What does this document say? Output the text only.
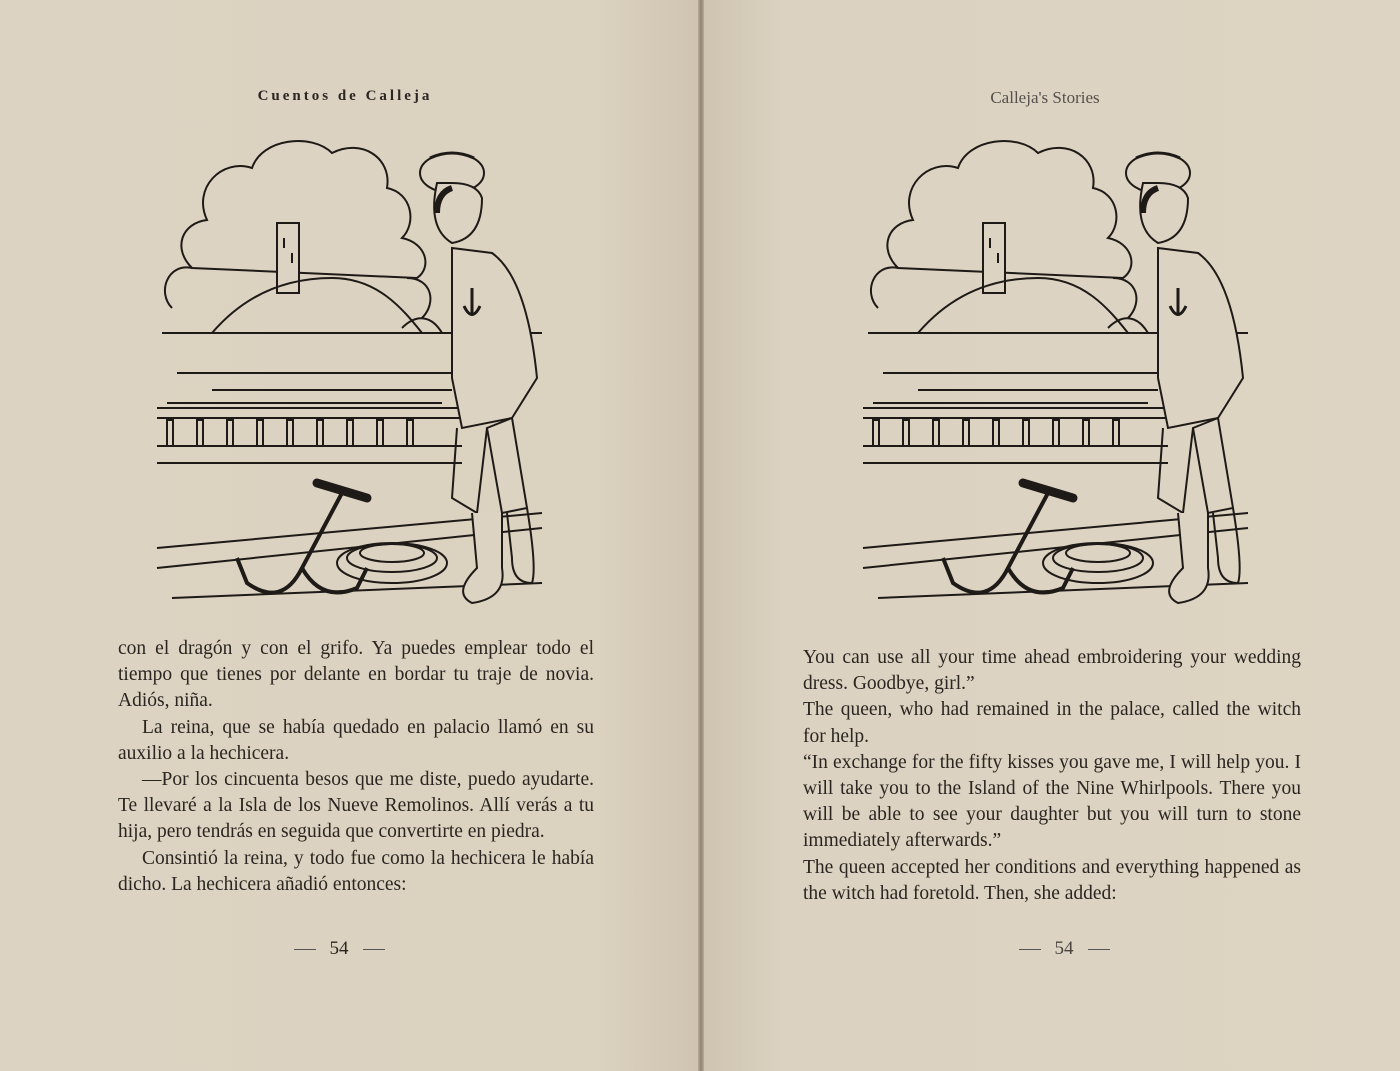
Cuentos de Calleja

con el dragón y con el grifo. Ya puedes emplear todo el tiempo que tienes por delante en bordar tu traje de novia. Adiós, niña.

La reina, que se había quedado en palacio llamó en su auxilio a la hechicera.

—Por los cincuenta besos que me diste, puedo ayudarte. Te llevaré a la Isla de los Nueve Remolinos. Allí verás a tu hija, pero tendrás en seguida que convertirte en piedra.

Consintió la reina, y todo fue como la hechicera le había dicho. La hechicera añadió entonces:

54
Calleja's Stories

You can use all your time ahead embroidering your wedding dress. Goodbye, girl.”

The queen, who had remained in the palace, called the witch for help.

“In exchange for the fifty kisses you gave me, I will help you. I will take you to the Island of the Nine Whirlpools. There you will be able to see your daughter but you will turn to stone immediately afterwards.”

The queen accepted her conditions and everything happened as the witch had foretold. Then, she added:

54
